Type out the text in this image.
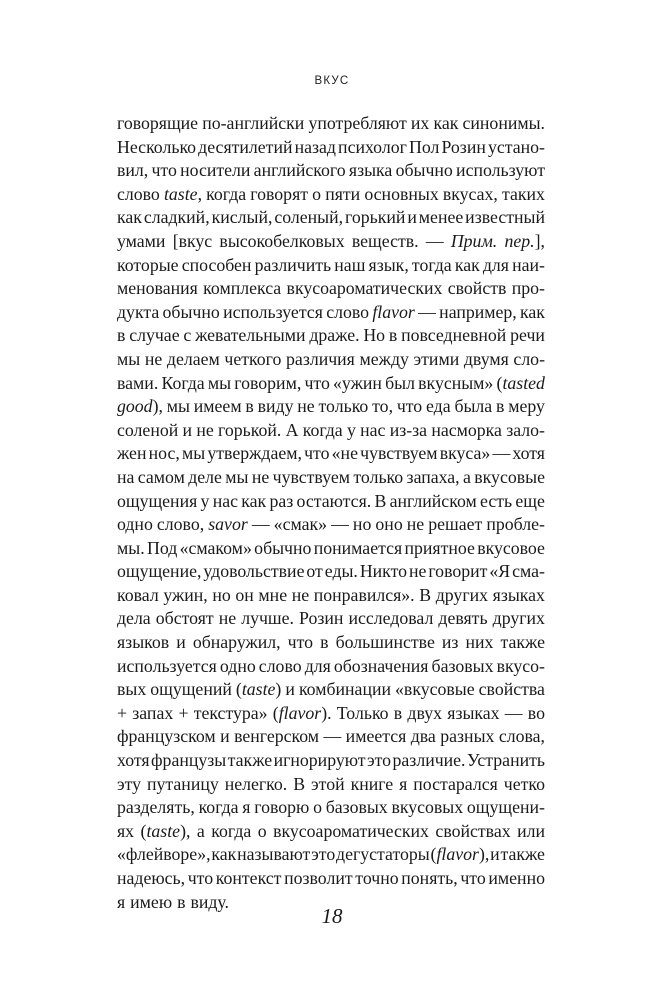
ВКУС
говорящие по-английски употребляют их как синонимы.
Несколько десятилетий назад психолог Пол Розин устано-
вил, что носители английского языка обычно используют
слово taste, когда говорят о пяти основных вкусах, таких
как сладкий, кислый, соленый, горький и менее известный
умами [вкус высокобелковых веществ. — Прим. пер.],
которые способен различить наш язык, тогда как для наи-
менования комплекса вкусоароматических свойств про-
дукта обычно используется слово flavor — например, как
в случае с жевательными драже. Но в повседневной речи
мы не делаем четкого различия между этими двумя сло-
вами. Когда мы говорим, что «ужин был вкусным» (tasted
good), мы имеем в виду не только то, что еда была в меру
соленой и не горькой. А когда у нас из-за насморка зало-
жен нос, мы утверждаем, что «не чувствуем вкуса» — хотя
на самом деле мы не чувствуем только запаха, а вкусовые
ощущения у нас как раз остаются. В английском есть еще
одно слово, savor — «смак» — но оно не решает пробле-
мы. Под «смаком» обычно понимается приятное вкусовое
ощущение, удовольствие от еды. Никто не говорит «Я сма-
ковал ужин, но он мне не понравился». В других языках
дела обстоят не лучше. Розин исследовал девять других
языков и обнаружил, что в большинстве из них также
используется одно слово для обозначения базовых вкусо-
вых ощущений (taste) и комбинации «вкусовые свойства
+ запах + текстура» (flavor). Только в двух языках — во
французском и венгерском — имеется два разных слова,
хотя французы также игнорируют это различие. Устранить
эту путаницу нелегко. В этой книге я постарался четко
разделять, когда я говорю о базовых вкусовых ощущени-
ях (taste), а когда о вкусоароматических свойствах или
«флейворе», как называют это дегустаторы (flavor), и также
надеюсь, что контекст позволит точно понять, что именно
я имею в виду.
18
